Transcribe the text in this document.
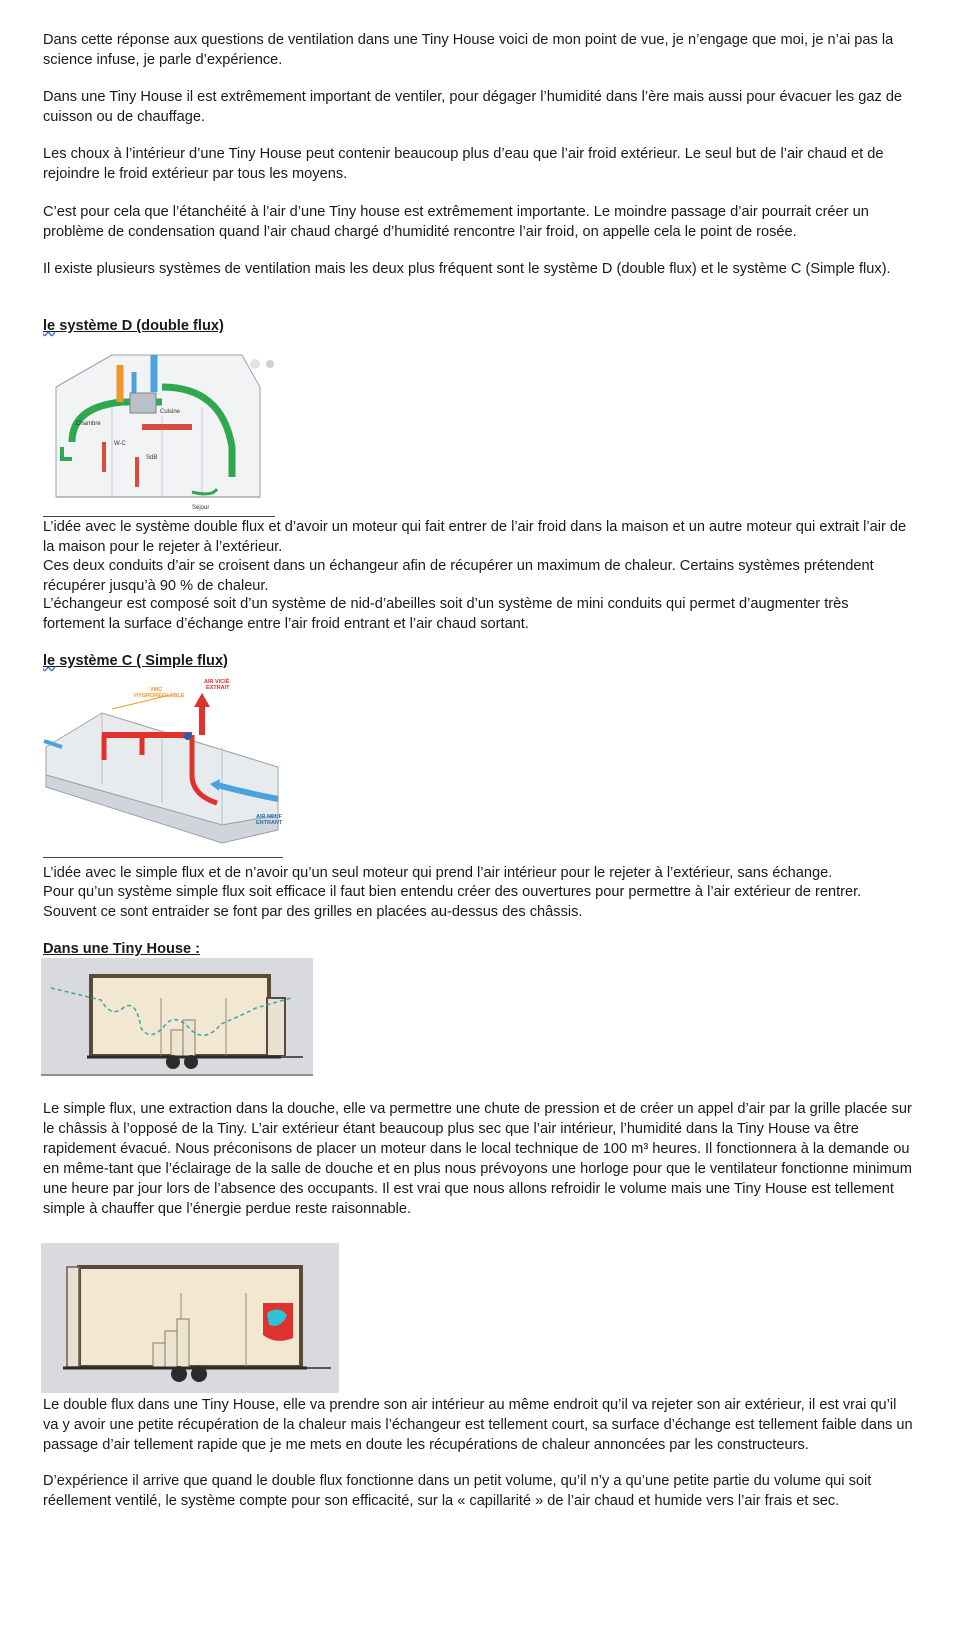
Dans cette réponse aux questions de ventilation dans une Tiny House voici de mon point de vue, je n’engage que moi, je n’ai pas la science infuse, je parle d’expérience.

Dans une Tiny House il est extrêmement important de ventiler, pour dégager l’humidité dans l’ère mais aussi pour évacuer les gaz de cuisson ou de chauffage.

Les choux à l’intérieur d’une Tiny House peut contenir beaucoup plus d’eau que l’air froid extérieur. Le seul but de l’air chaud et de rejoindre le froid extérieur par tous les moyens.

C’est pour cela que l’étanchéité à l’air d’une Tiny house est extrêmement importante. Le moindre passage d’air pourrait créer un problème de condensation quand l’air chaud chargé d’humidité rencontre l’air froid, on appelle cela le point de rosée.

Il existe plusieurs systèmes de ventilation mais les deux plus fréquent sont le système D (double flux) et le système C (Simple flux).

le système D (double flux)

Chambre
W-C
SdB
Cuisine
Séjour

L’idée avec le système double flux et d’avoir un moteur qui fait entrer de l’air froid dans la maison et un autre moteur qui extrait l’air de la maison pour le rejeter à l’extérieur.

Ces deux conduits d’air se croisent dans un échangeur afin de récupérer un maximum de chaleur. Certains systèmes prétendent récupérer jusqu’à 90 % de chaleur.

L’échangeur est composé soit d’un système de nid-d’abeilles soit d’un système de mini conduits qui permet d’augmenter très fortement la surface d’échange entre l’air froid entrant et l’air chaud sortant.

le système C ( Simple flux)

VMC
HYGRORÉGLABLE
AIR VICIÉ
EXTRAIT
AIR NEUF
ENTRANT

L’idée avec le simple flux et de n’avoir qu’un seul moteur qui prend l’air intérieur pour le rejeter à l’extérieur, sans échange.

Pour qu’un système simple flux soit efficace il faut bien entendu créer des ouvertures pour permettre à l’air extérieur de rentrer. Souvent ce sont entraider se font par des grilles en placées au-dessus des châssis.

Dans une Tiny House :

Le simple flux, une extraction dans la douche, elle va permettre une chute de pression et de créer un appel d’air par la grille placée sur le châssis à l’opposé de la Tiny. L’air extérieur étant beaucoup plus sec que l’air intérieur, l’humidité dans la Tiny House va être rapidement évacué. Nous préconisons de placer un moteur dans le local technique de 100 m³ heures. Il fonctionnera à la demande ou en même-tant que l’éclairage de la salle de douche et en plus nous prévoyons une horloge pour que le ventilateur fonctionne minimum une heure par jour lors de l’absence des occupants. Il est vrai que nous allons refroidir le volume mais une Tiny House est tellement simple à chauffer que l’énergie perdue reste raisonnable.

Le double flux dans une Tiny House, elle va prendre son air intérieur au même endroit qu’il va rejeter son air extérieur, il est vrai qu’il va y avoir une petite récupération de la chaleur mais l’échangeur est tellement court, sa surface d’échange est tellement faible dans un passage d’air tellement rapide que je me mets en doute les récupérations de chaleur annoncées par les constructeurs.

D’expérience il arrive que quand le double flux fonctionne dans un petit volume, qu’il n’y a qu’une petite partie du volume qui soit réellement ventilé, le système compte pour son efficacité, sur la « capillarité » de l’air chaud et humide vers l’air frais et sec.
